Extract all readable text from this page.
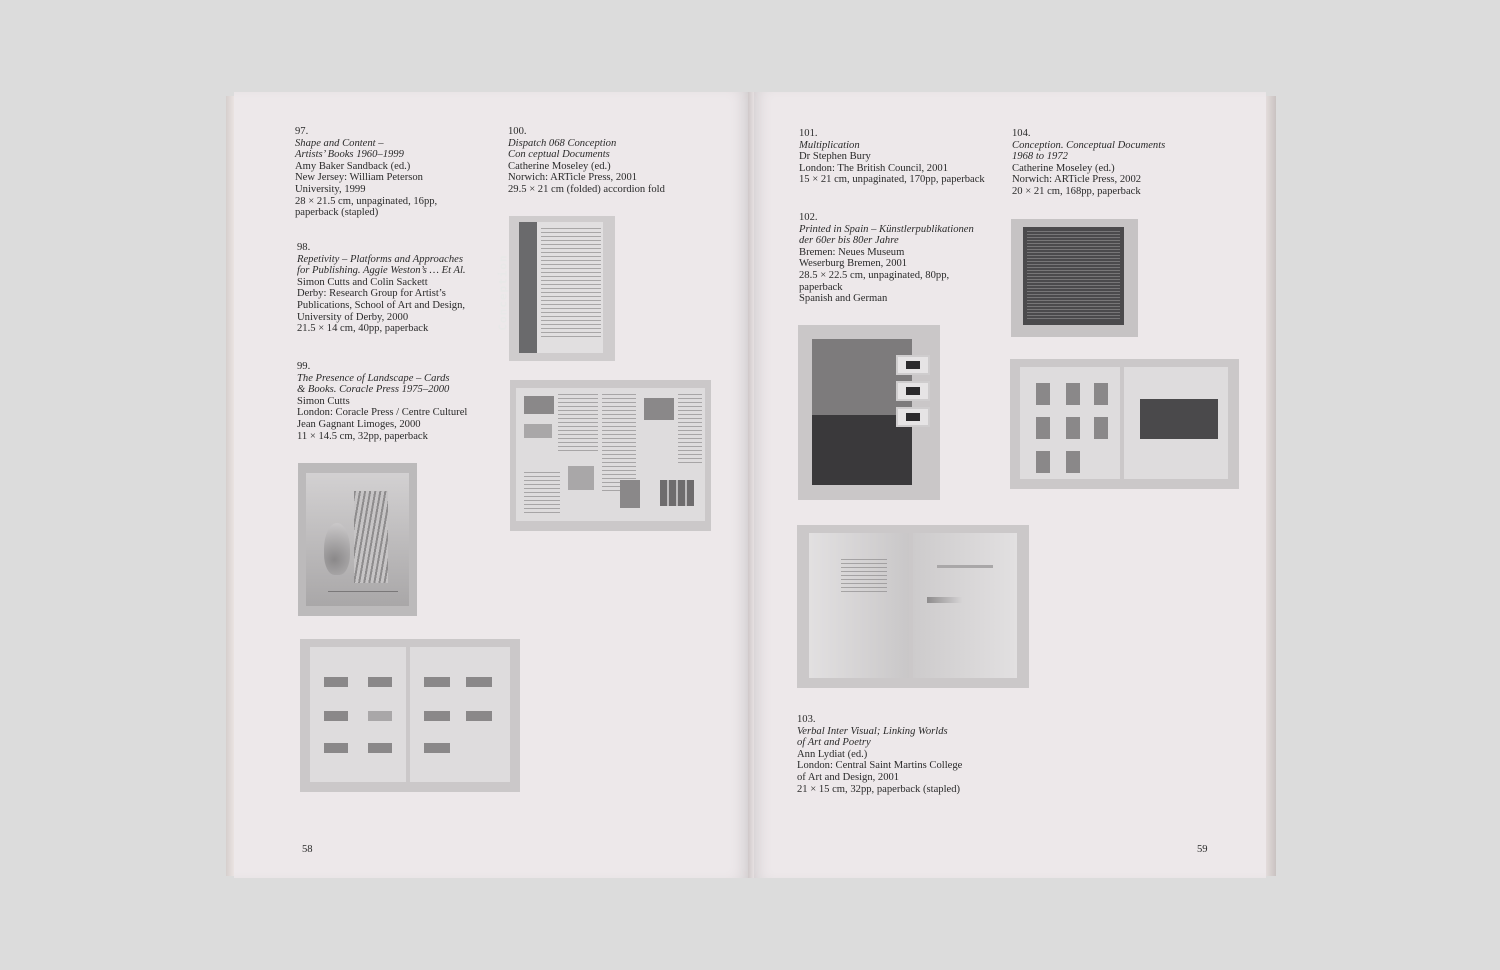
97.
Shape and Content –
Artists’ Books 1960–1999
Amy Baker Sandback (ed.)
New Jersey: William Peterson
University, 1999
28 × 21.5 cm, unpaginated, 16pp,
paperback (stapled)
98.
Repetivity – Platforms and Approaches
for Publishing. Aggie Weston’s … Et Al.
Simon Cutts and Colin Sackett
Derby: Research Group for Artist’s
Publications, School of Art and Design,
University of Derby, 2000
21.5 × 14 cm, 40pp, paperback
99.
The Presence of Landscape – Cards
& Books. Coracle Press 1975–2000
Simon Cutts
London: Coracle Press / Centre Culturel
Jean Gagnant Limoges, 2000
11 × 14.5 cm, 32pp, paperback
100.
Dispatch 068 Conception
Con ceptual Documents
Catherine Moseley (ed.)
Norwich: ARTicle Press, 2001
29.5 × 21 cm (folded) accordion fold
Conception
58
101.
Multiplication
Dr Stephen Bury
London: The British Council, 2001
15 × 21 cm, unpaginated, 170pp, paperback
102.
Printed in Spain – Künstlerpublikationen
der 60er bis 80er Jahre
Bremen: Neues Museum
Weserburg Bremen, 2001
28.5 × 22.5 cm, unpaginated, 80pp,
paperback
Spanish and German
103.
Verbal Inter Visual; Linking Worlds
of Art and Poetry
Ann Lydiat (ed.)
London: Central Saint Martins College
of Art and Design, 2001
21 × 15 cm, 32pp, paperback (stapled)
104.
Conception. Conceptual Documents
1968 to 1972
Catherine Moseley (ed.)
Norwich: ARTicle Press, 2002
20 × 21 cm, 168pp, paperback
59
